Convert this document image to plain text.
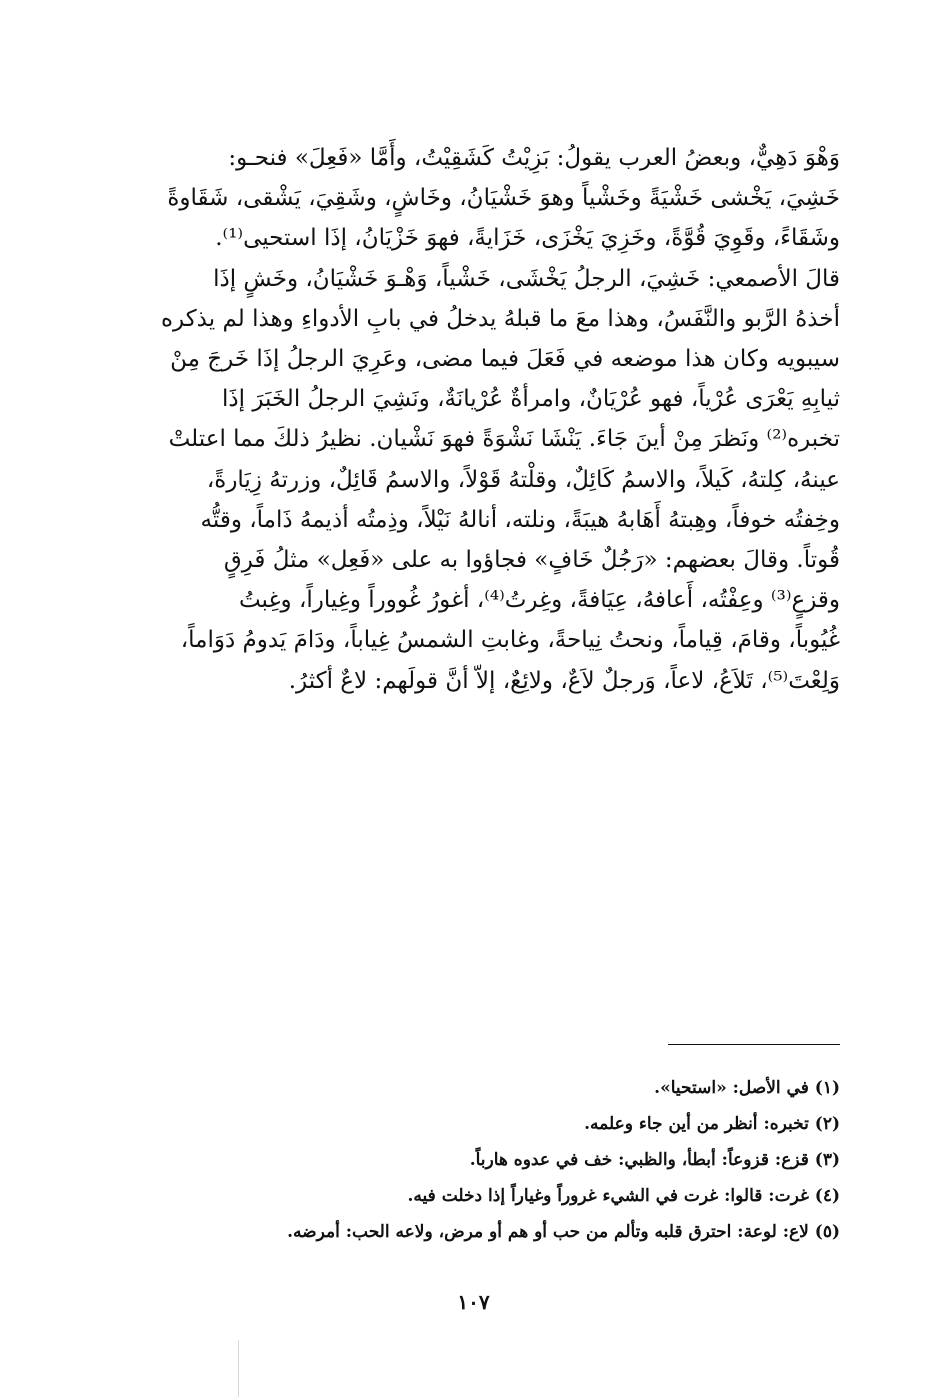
وَهْوَ دَهِيٌّ، وبعضُ العرب يقولُ: بَزِيْتُ كَشَقِيْتُ، وأَمَّا «فَعِلَ» فنحـو:
خَشِيَ، يَخْشى خَشْيَةً وخَشْياً وهوَ خَشْيَانُ، وخَاشٍ، وشَقِيَ، يَشْقى، شَقَاوةً
وشَقَاءً، وقَوِيَ قُوَّةً، وخَزِيَ يَخْزَى، خَزَايةً، فهوَ خَزْيَانُ، إذَا استحيى⁽¹⁾.
قالَ الأصمعي: خَشِيَ، الرجلُ يَخْشَى، خَشْياً، وَهْـوَ خَشْيَانُ، وخَشٍ إذَا
أخذهُ الرَّبو والنَّفَسُ، وهذا معَ ما قبلهُ يدخلُ في بابِ الأدواءِ وهذا لم يذكره
سيبويه وكان هذا موضعه في فَعَلَ فيما مضى، وعَرِيَ الرجلُ إذَا خَرجَ مِنْ
ثيابِهِ يَعْرَى عُرْياً، فهو عُرْيَانٌ، وامرأةٌ عُرْيانَةٌ، ونَشِيَ الرجلُ الخَبَرَ إذَا
تخبره⁽²⁾ ونَظرَ مِنْ أينَ جَاءَ. يَنْشَا نَشْوَةً فهوَ نَشْيان. نظيرُ ذلكَ مما اعتلتْ
عينهُ، كِلتهُ، كَيلاً، والاسمُ كَائِلٌ، وقلْتهُ قَوْلاً، والاسمُ قَائِلٌ، وزرتهُ زِيَارةً،
وخِفتُه خوفاً، وهِبتهُ أَهَابهُ هيبَةً، ونلته، أنالهُ نَيْلاً، وذِمتُه أذيمهُ ذَاماً، وقتُّه
قُوتاً. وقالَ بعضهم: «رَجُلٌ خَافٍ» فجاؤوا به على «فَعِل» مثلُ فَرِقٍ
وقزعٍ⁽³⁾ وعِفْتُه، أَعافهُ، عِيَافةً، وغِرتُ⁽⁴⁾، أغورُ غُووراً وغِياراً، وغِبتُ
غُيُوباً، وقامَ، قِياماً، ونحتُ نِياحةً، وغابتِ الشمسُ غِياباً، ودَامَ يَدومُ دَوَاماً،
وَلِعْتَ⁽⁵⁾، تَلاَعُ، لاعاً، وَرجلٌ لاَعٌ، ولائِعٌ، إلاّ أنَّ قولَهم: لاعٌ أكثرُ.
(١) في الأصل: «استحيا».
(٢) تخبره: أنظر من أين جاء وعلمه.
(٣) قزع: قزوعاً: أبطأ، والظبي: خف في عدوه هارباً.
(٤) غرت: قالوا: غرت في الشيء غروراً وغياراً إذا دخلت فيه.
(٥) لاع: لوعة: احترق قلبه وتألم من حب أو هم أو مرض، ولاعه الحب: أمرضه.
١٠٧
